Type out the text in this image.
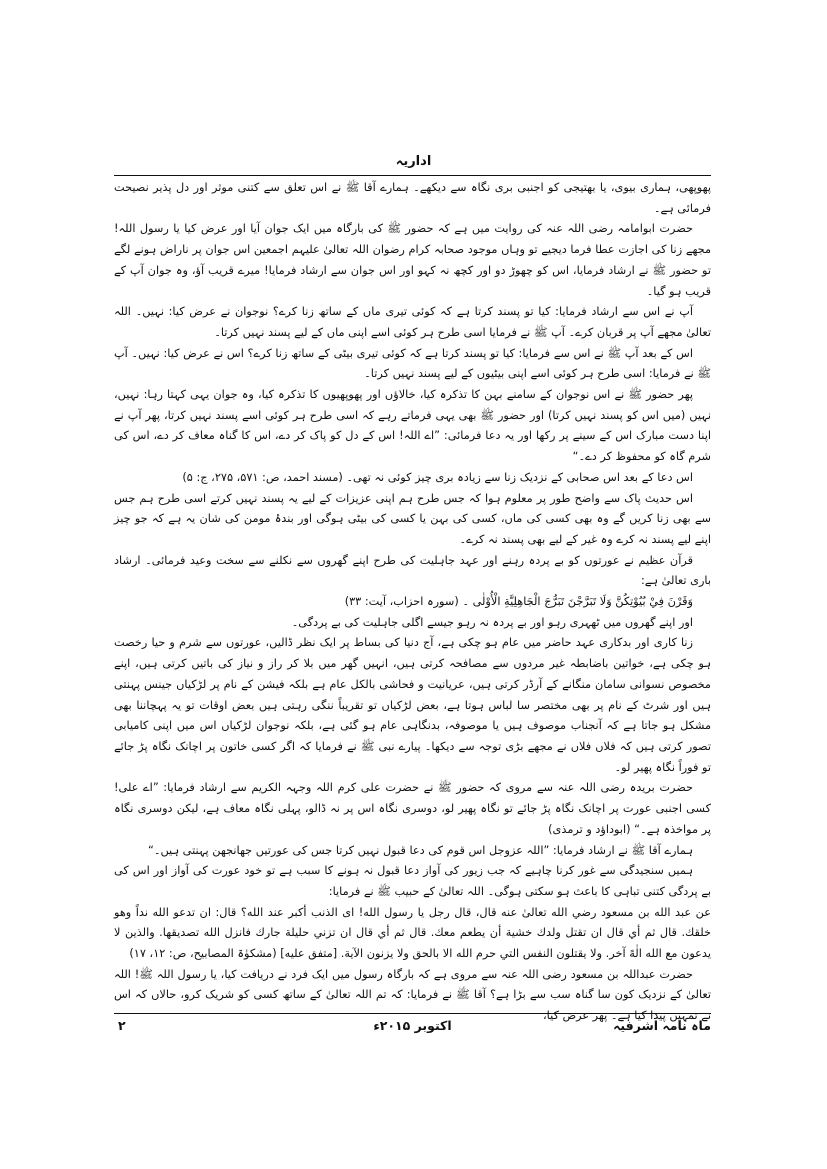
اداریہ

پھوپھی، ہماری بیوی، یا بھتیجی کو اجنبی بری نگاہ سے دیکھے۔ ہمارے آقا ﷺ نے اس تعلق سے کتنی موثر اور دل پذیر نصیحت فرمائی ہے۔

حضرت ابوامامہ رضی اللہ عنہ کی روایت میں ہے کہ حضور ﷺ کی بارگاہ میں ایک جوان آیا اور عرض کیا یا رسول اللہ! مجھے زنا کی اجازت عطا فرما دیجیے تو وہاں موجود صحابہ کرام رضوان اللہ تعالیٰ علیہم اجمعین اس جوان پر ناراض ہونے لگے تو حضور ﷺ نے ارشاد فرمایا، اس کو چھوڑ دو اور کچھ نہ کہو اور اس جوان سے ارشاد فرمایا! میرے قریب آؤ، وہ جوان آپ کے قریب ہو گیا۔

آپ نے اس سے ارشاد فرمایا: کیا تو پسند کرتا ہے کہ کوئی تیری ماں کے ساتھ زنا کرے؟ نوجوان نے عرض کیا: نہیں۔ اللہ تعالیٰ مجھے آپ پر قربان کرے۔ آپ ﷺ نے فرمایا اسی طرح ہر کوئی اسے اپنی ماں کے لیے پسند نہیں کرتا۔

اس کے بعد آپ ﷺ نے اس سے فرمایا: کیا تو پسند کرتا ہے کہ کوئی تیری بیٹی کے ساتھ زنا کرے؟ اس نے عرض کیا: نہیں۔ آپ ﷺ نے فرمایا: اسی طرح ہر کوئی اسے اپنی بیٹیوں کے لیے پسند نہیں کرتا۔

پھر حضور ﷺ نے اس نوجوان کے سامنے بہن کا تذکرہ کیا، خالاؤں اور پھوپھیوں کا تذکرہ کیا، وہ جوان یہی کہتا رہا: نہیں، نہیں (میں اس کو پسند نہیں کرتا) اور حضور ﷺ بھی یہی فرماتے رہے کہ اسی طرح ہر کوئی اسے پسند نہیں کرتا، پھر آپ نے اپنا دست مبارک اس کے سینے پر رکھا اور یہ دعا فرمائی: ”اے اللہ! اس کے دل کو پاک کر دے، اس کا گناہ معاف کر دے، اس کی شرم گاہ کو محفوظ کر دے۔“

اس دعا کے بعد اس صحابی کے نزدیک زنا سے زیادہ بری چیز کوئی نہ تھی۔ (مسند احمد، ص: ۵۷۱، ۲۷۵، ج: ۵)

اس حدیث پاک سے واضح طور پر معلوم ہوا کہ جس طرح ہم اپنی عزیزات کے لیے یہ پسند نہیں کرتے اسی طرح ہم جس سے بھی زنا کریں گے وہ بھی کسی کی ماں، کسی کی بہن یا کسی کی بیٹی ہوگی اور بندۂ مومن کی شان یہ ہے کہ جو چیز اپنے لیے پسند نہ کرے وہ غیر کے لیے بھی پسند نہ کرے۔

قرآن عظیم نے عورتوں کو بے پردہ رہنے اور عہد جاہلیت کی طرح اپنے گھروں سے نکلنے سے سخت وعید فرمائی۔ ارشاد باری تعالیٰ ہے:

وَقَرْنَ فِيْ بُيُوْتِكُنَّ وَلَا تَبَرَّجْنَ تَبَرُّجَ الْجَاهِلِيَّةِ الْأُوْلٰى ۔ (سورہ احزاب، آیت: ۳۳)

اور اپنے گھروں میں ٹھہری رہو اور بے پردہ نہ رہو جیسے اگلی جاہلیت کی بے پردگی۔

زنا کاری اور بدکاری عہد حاضر میں عام ہو چکی ہے، آج دنیا کی بساط پر ایک نظر ڈالیں، عورتوں سے شرم و حیا رخصت ہو چکی ہے، خواتین باضابطہ غیر مردوں سے مصافحہ کرتی ہیں، انہیں گھر میں بلا کر راز و نیاز کی باتیں کرتی ہیں، اپنے مخصوص نسوانی سامان منگانے کے آرڈر کرتی ہیں، عریانیت و فحاشی بالکل عام ہے بلکہ فیشن کے نام پر لڑکیاں جینس پہنتی ہیں اور شرٹ کے نام پر بھی مختصر سا لباس ہوتا ہے، بعض لڑکیاں تو تقریباً ننگی رہتی ہیں بعض اوقات تو یہ پہچاننا بھی مشکل ہو جاتا ہے کہ آنجناب موصوف ہیں یا موصوفہ، بدنگاہی عام ہو گئی ہے، بلکہ نوجوان لڑکیاں اس میں اپنی کامیابی تصور کرتی ہیں کہ فلاں فلاں نے مجھے بڑی توجہ سے دیکھا۔ پیارے نبی ﷺ نے فرمایا کہ اگر کسی خاتون پر اچانک نگاہ پڑ جائے تو فوراً نگاہ پھیر لو۔

حضرت بریدہ رضی اللہ عنہ سے مروی کہ حضور ﷺ نے حضرت علی کرم اللہ وجہہ الکریم سے ارشاد فرمایا: ”اے علی! کسی اجنبی عورت پر اچانک نگاہ پڑ جائے تو نگاہ پھیر لو، دوسری نگاہ اس پر نہ ڈالو، پہلی نگاہ معاف ہے، لیکن دوسری نگاہ پر مواخذہ ہے۔“ (ابوداؤد و ترمذی)

ہمارے آقا ﷺ نے ارشاد فرمایا: ”اللہ عزوجل اس قوم کی دعا قبول نہیں کرتا جس کی عورتیں جھانجھن پہنتی ہیں۔“

ہمیں سنجیدگی سے غور کرنا چاہیے کہ جب زیور کی آواز دعا قبول نہ ہونے کا سبب ہے تو خود عورت کی آواز اور اس کی بے پردگی کتنی تباہی کا باعث ہو سکتی ہوگی۔ اللہ تعالیٰ کے حبیب ﷺ نے فرمایا:

عن عبد الله بن مسعود رضي الله تعالىٰ عنه قال، قال رجل يا رسول الله! اى الذنب أكبر عند الله؟ قال: ان تدعو الله نداً وهو خلقك. قال ثم أي قال ان تقتل ولدك خشية أن يطعم معك. قال ثم أي قال ان تزني حليلة جارك فانزل الله تصديقها. والذين لا يدعون مع الله الٰهً آخر. ولا يقتلون النفس التي حرم الله الا بالحق ولا يزنون الآية. [متفق عليه] (مشکوٰۃ المصابیح، ص: ۱۲، ۱۷)

حضرت عبداللہ بن مسعود رضی اللہ عنہ سے مروی ہے کہ بارگاہ رسول میں ایک فرد نے دریافت کیا، یا رسول اللہ ﷺ! اللہ تعالیٰ کے نزدیک کون سا گناہ سب سے بڑا ہے؟ آقا ﷺ نے فرمایا: کہ تم اللہ تعالیٰ کے ساتھ کسی کو شریک کرو، حالاں کہ اس نے تمہیں پیدا کیا ہے۔ پھر عرض کیا،

ماہ نامہ اشرفیہ
اکتوبر ۲۰۱۵ء
۲
